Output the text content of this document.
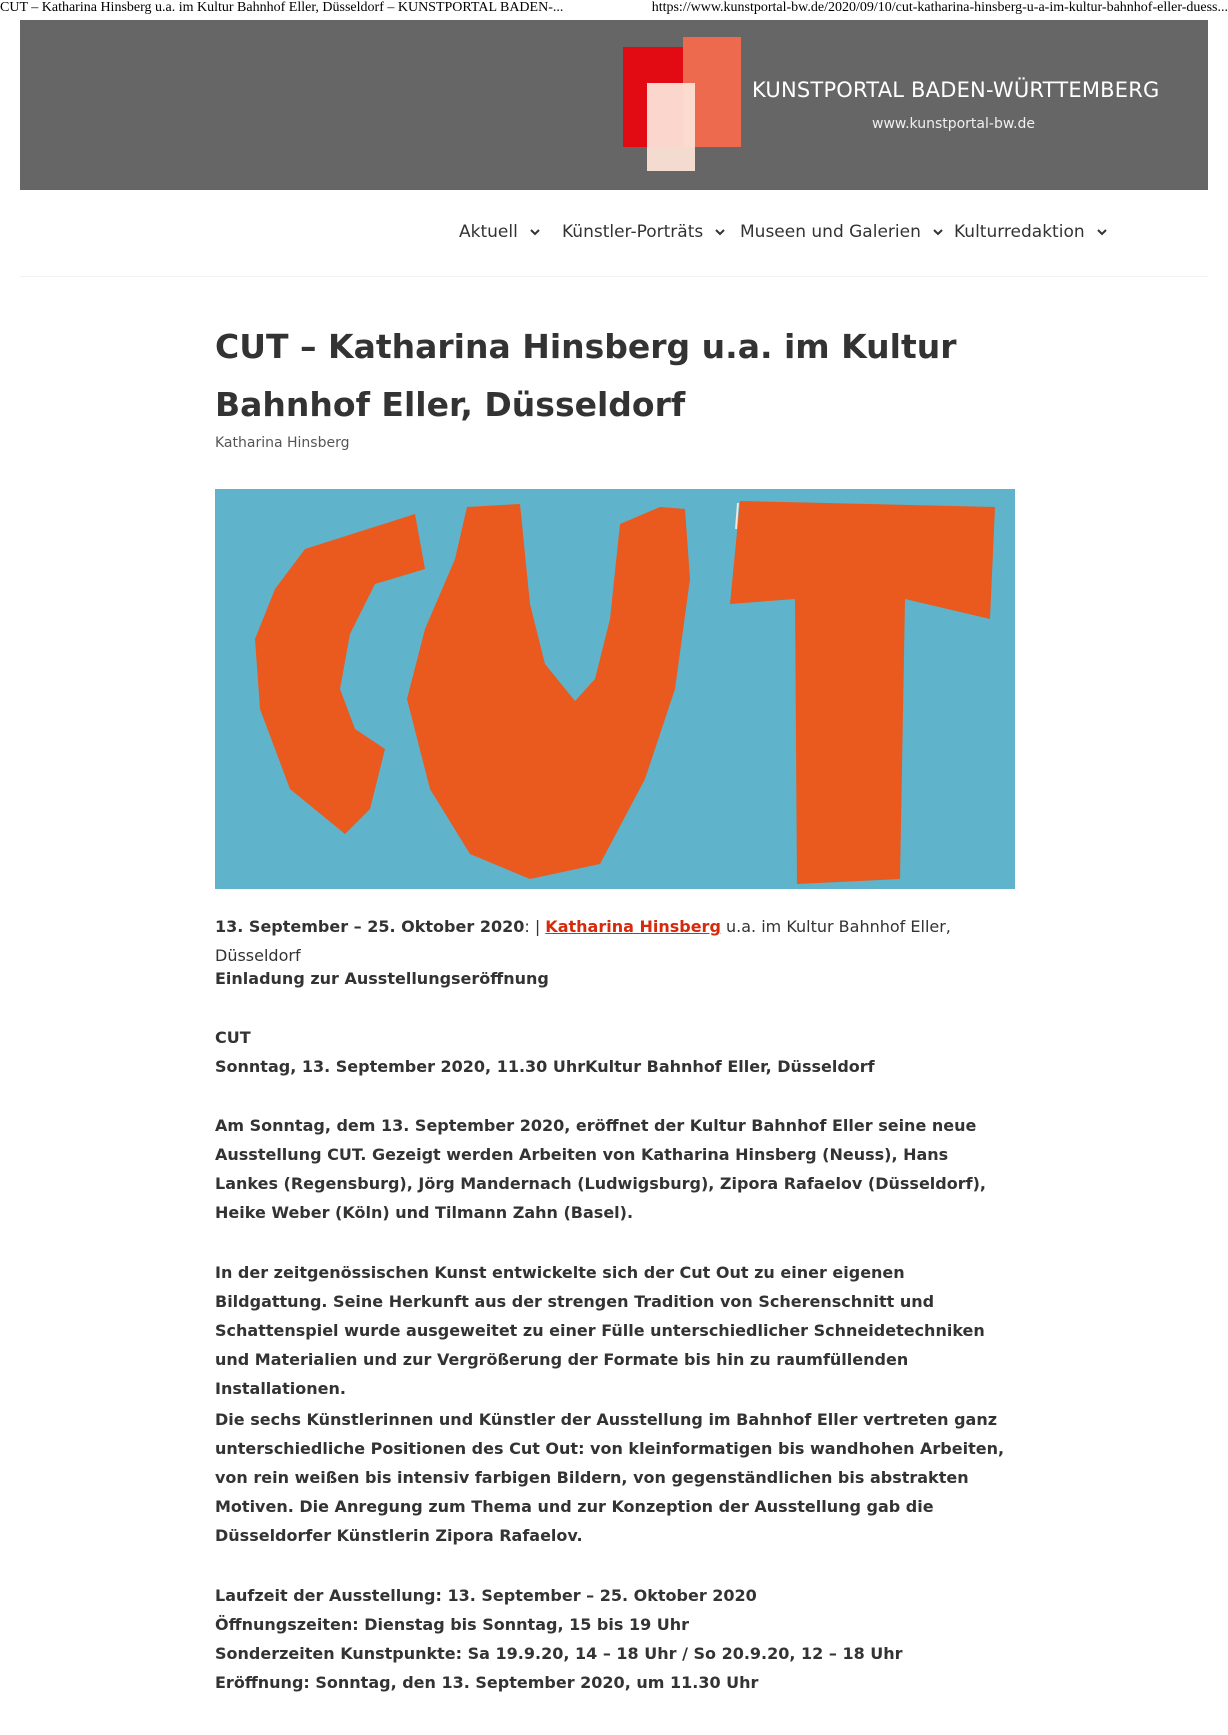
CUT – Katharina Hinsberg u.a. im Kultur Bahnhof Eller, Düsseldorf – KUNSTPORTAL BADEN-...	https://www.kunstportal-bw.de/2020/09/10/cut-katharina-hinsberg-u-a-im-kultur-bahnhof-eller-duess...
KUNSTPORTAL BADEN-WÜRTTEMBERG
www.kunstportal-bw.de
Aktuell	Künstler-Porträts Museen und Galerien Kulturredaktion
CUT – Katharina Hinsberg u.a. im Kultur Bahnhof Eller, Düsseldorf
Katharina Hinsberg

13. September – 25. Oktober 2020: | Katharina Hinsberg u.a. im Kultur Bahnhof Eller, Düsseldorf

Einladung zur Ausstellungseröffnung

CUT

Sonntag, 13. September 2020, 11.30 UhrKultur Bahnhof Eller, Düsseldorf

Am Sonntag, dem 13. September 2020, eröffnet der Kultur Bahnhof Eller seine neue Ausstellung CUT. Gezeigt werden Arbeiten von Katharina Hinsberg (Neuss), Hans Lankes (Regensburg), Jörg Mandernach (Ludwigsburg), Zipora Rafaelov (Düsseldorf), Heike Weber (Köln) und Tilmann Zahn (Basel).

In der zeitgenössischen Kunst entwickelte sich der Cut Out zu einer eigenen Bildgattung. Seine Herkunft aus der strengen Tradition von Scherenschnitt und Schattenspiel wurde ausgeweitet zu einer Fülle unterschiedlicher Schneidetechniken und Materialien und zur Vergrößerung der Formate bis hin zu raumfüllenden Installationen.

Die sechs Künstlerinnen und Künstler der Ausstellung im Bahnhof Eller vertreten ganz unterschiedliche Positionen des Cut Out: von kleinformatigen bis wandhohen Arbeiten, von rein weißen bis intensiv farbigen Bildern, von gegenständlichen bis abstrakten Motiven. Die Anregung zum Thema und zur Konzeption der Ausstellung gab die Düsseldorfer Künstlerin Zipora Rafaelov.

Laufzeit der Ausstellung: 13. September – 25. Oktober 2020

Öffnungszeiten: Dienstag bis Sonntag, 15 bis 19 Uhr

Sonderzeiten Kunstpunkte: Sa 19.9.20, 14 – 18 Uhr / So 20.9.20, 12 – 18 Uhr

Eröffnung: Sonntag, den 13. September 2020, um 11.30 Uhr
